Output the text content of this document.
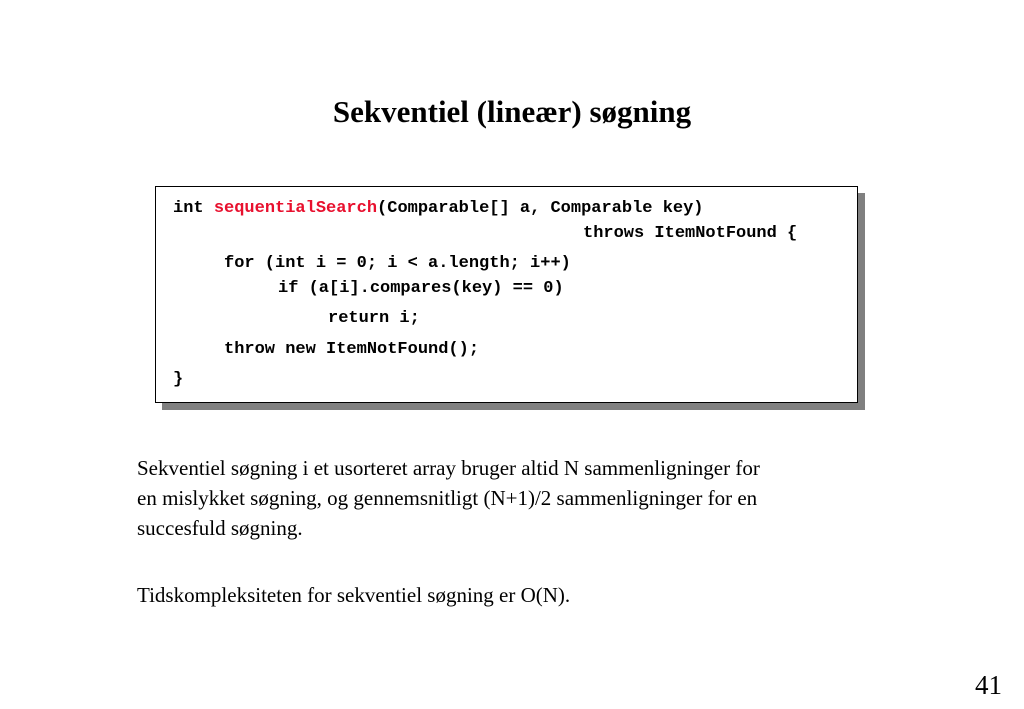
Sekventiel (lineær) søgning
int sequentialSearch(Comparable[] a, Comparable key)
throws ItemNotFound {
for (int i = 0; i < a.length; i++)
if (a[i].compares(key) == 0)
return i;
throw new ItemNotFound();
}
Sekventiel søgning i et usorteret array bruger altid N sammenligninger for
en mislykket søgning, og gennemsnitligt (N+1)/2 sammenligninger for en
succesfuld søgning.
Tidskompleksiteten for sekventiel søgning er O(N).
41
